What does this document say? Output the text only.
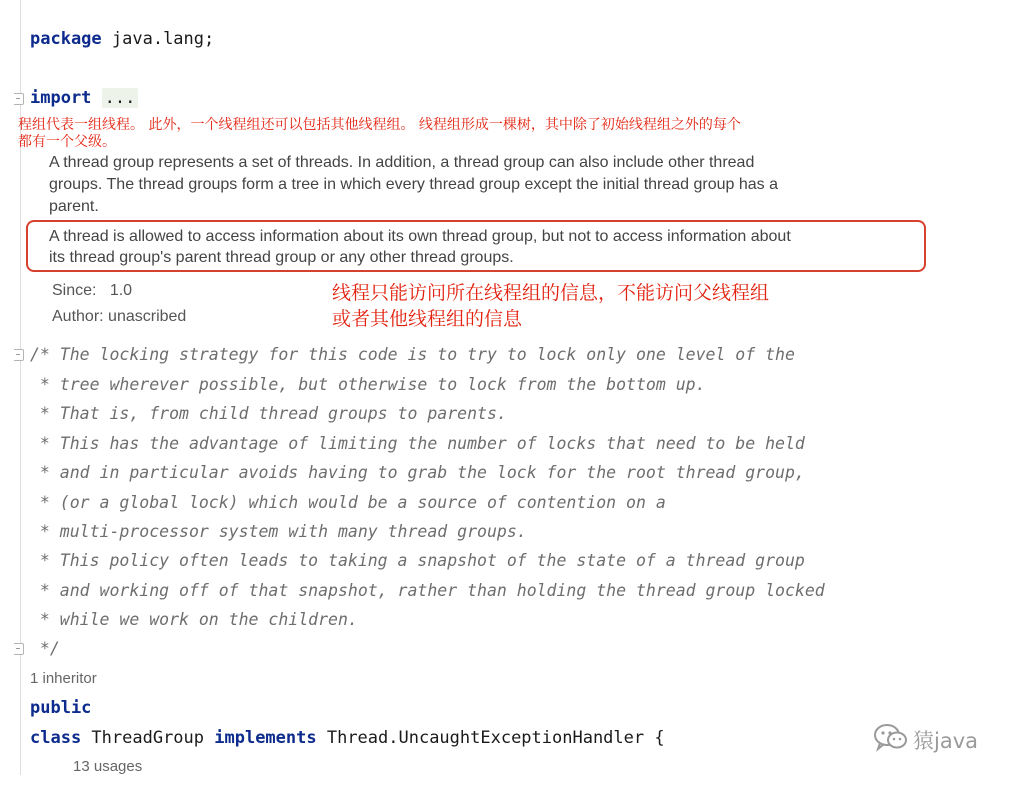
package java.lang;
import ...
程组代表一组线程。 此外，一个线程组还可以包括其他线程组。 线程组形成一棵树，其中除了初始线程组之外的每个
都有一个父级。
A thread group represents a set of threads. In addition, a thread group can also include other thread
groups. The thread groups form a tree in which every thread group except the initial thread group has a
parent.
A thread is allowed to access information about its own thread group, but not to access information about
its thread group's parent thread group or any other thread groups.
Since: 1.0
Author: unascribed
线程只能访问所在线程组的信息，不能访问父线程组
或者其他线程组的信息
/* The locking strategy for this code is to try to lock only one level of the
* tree wherever possible, but otherwise to lock from the bottom up.
* That is, from child thread groups to parents.
* This has the advantage of limiting the number of locks that need to be held
* and in particular avoids having to grab the lock for the root thread group,
* (or a global lock) which would be a source of contention on a
* multi-processor system with many thread groups.
* This policy often leads to taking a snapshot of the state of a thread group
* and working off of that snapshot, rather than holding the thread group locked
* while we work on the children.
*/
1 inheritor
public
class ThreadGroup implements Thread.UncaughtExceptionHandler {
13 usages
猿java
